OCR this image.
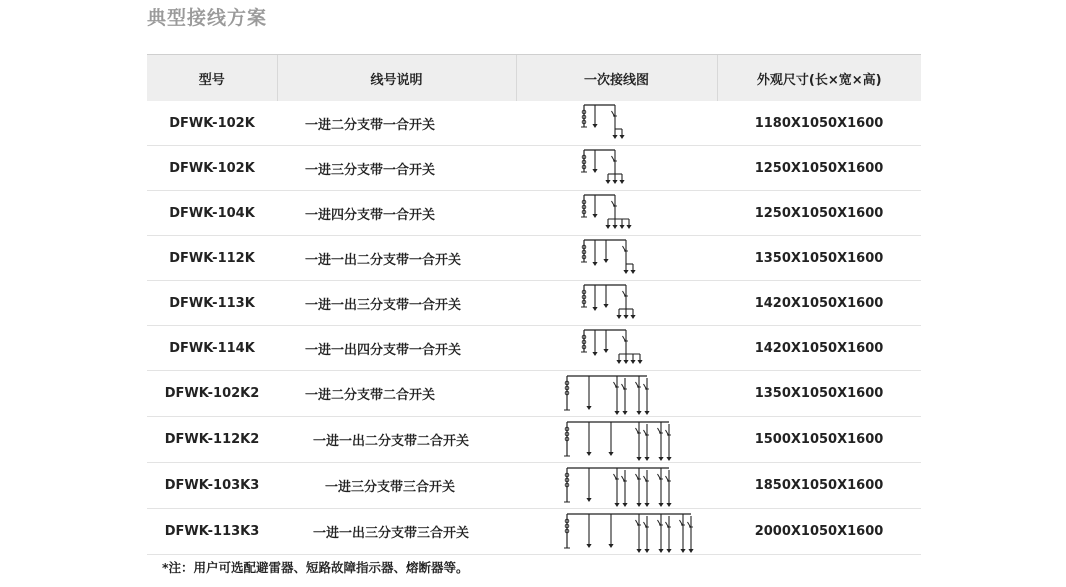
典型接线方案
型号	线号说明	一次接线图	外观尺寸(长×宽×高)
DFWK-102K	一进二分支带一合开关		1180X1050X1600
DFWK-102K	一进三分支带一合开关		1250X1050X1600
DFWK-104K	一进四分支带一合开关		1250X1050X1600
DFWK-112K	一进一出二分支带一合开关		1350X1050X1600
DFWK-113K	一进一出三分支带一合开关		1420X1050X1600
DFWK-114K	一进一出四分支带一合开关		1420X1050X1600
DFWK-102K2	一进二分支带二合开关		1350X1050X1600
DFWK-112K2	一进一出二分支带二合开关		1500X1050X1600
DFWK-103K3	一进三分支带三合开关		1850X1050X1600
DFWK-113K3	一进一出三分支带三合开关		2000X1050X1600
*注：用户可选配避雷器、短路故障指示器、熔断器等。
